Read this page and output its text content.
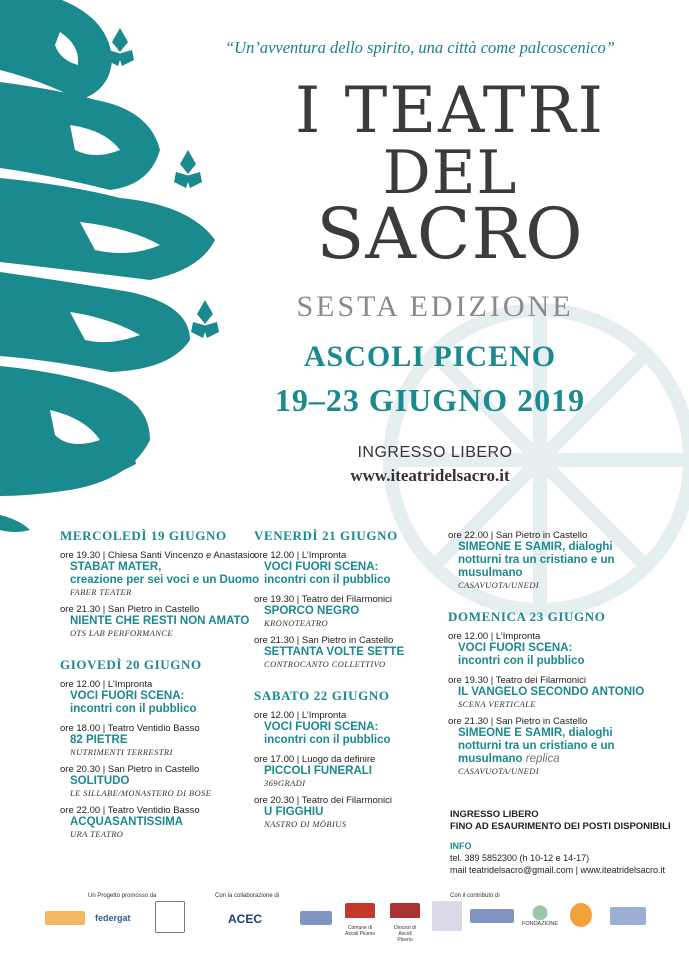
“Un’avventura dello spirito, una città come palcoscenico”
I TEATRI
DEL
SACRO
SESTA EDIZIONE
ASCOLI PICENO
19–23 GIUGNO 2019
INGRESSO LIBERO
www.iteatridelsacro.it
MERCOLEDÌ 19 GIUGNO
ore 19.30 | Chiesa Santi Vincenzo e Anastasio
STABAT MATER,
creazione per sei voci e un Duomo
FABER TEATER
ore 21.30 | San Pietro in Castello
NIENTE CHE RESTI NON AMATO
OTS LAB PERFORMANCE
GIOVEDÌ 20 GIUGNO
ore 12.00 | L’Impronta
VOCI FUORI SCENA:
incontri con il pubblico
ore 18.00 | Teatro Ventidio Basso
82 PIETRE
NUTRIMENTI TERRESTRI
ore 20.30 | San Pietro in Castello
SOLITUDO
LE SILLABE/MONASTERO DI BOSE
ore 22.00 | Teatro Ventidio Basso
ACQUASANTISSIMA
URA TEATRO
VENERDÌ 21 GIUGNO
ore 12.00 | L’Impronta
VOCI FUORI SCENA:
incontri con il pubblico
ore 19.30 | Teatro dei Filarmonici
SPORCO NEGRO
KRONOTEATRO
ore 21.30 | San Pietro in Castello
SETTANTA VOLTE SETTE
CONTROCANTO COLLETTIVO
SABATO 22 GIUGNO
ore 12.00 | L’Impronta
VOCI FUORI SCENA:
incontri con il pubblico
ore 17.00 | Luogo da definire
PICCOLI FUNERALI
369GRADI
ore 20.30 | Teatro dei Filarmonici
U FIGGHIU
NASTRO DI MÖBIUS
ore 22.00 | San Pietro in Castello
SIMEONE E SAMIR, dialoghi
notturni tra un cristiano e un
musulmano
CASAVUOTA/UNEDI
DOMENICA 23 GIUGNO
ore 12.00 | L’Impronta
VOCI FUORI SCENA:
incontri con il pubblico
ore 19.30 | Teatro dei Filarmonici
IL VANGELO SECONDO ANTONIO
SCENA VERTICALE
ore 21.30 | San Pietro in Castello
SIMEONE E SAMIR, dialoghi
notturni tra un cristiano e un
musulmano replica
CASAVUOTA/UNEDI
INGRESSO LIBERO
FINO AD ESAURIMENTO DEI POSTI DISPONIBILI
INFO
tel. 389 5852300 (h 10-12 e 14-17)
mail teatridelsacro@gmail.com | www.iteatridelsacro.it
Un Progetto promosso da	Con la collaborazione di	Con il contributo di
federgat	ACEC
Comune di Ascoli Piceno
Diocesi di Ascoli Piceno
FONDAZIONE
